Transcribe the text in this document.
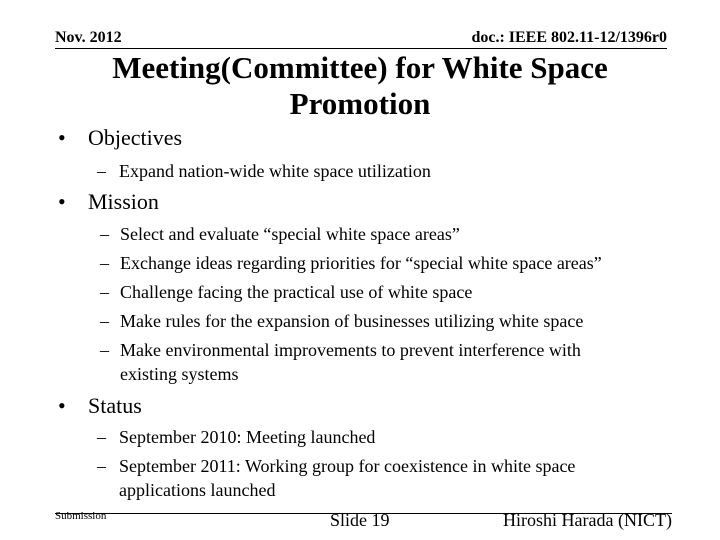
Nov. 2012	doc.: IEEE 802.11-12/1396r0
Meeting(Committee) for White Space Promotion
• Objectives
– Expand nation-wide white space utilization
• Mission
– Select and evaluate “special white space areas”
– Exchange ideas regarding priorities for “special white space areas”
– Challenge facing the practical use of white space
– Make rules for the expansion of businesses utilizing white space
– Make environmental improvements to prevent interference with existing systems
• Status
– September 2010: Meeting launched
– September 2011: Working group for coexistence in white space applications launched
Submission	Slide 19	Hiroshi Harada (NICT)
